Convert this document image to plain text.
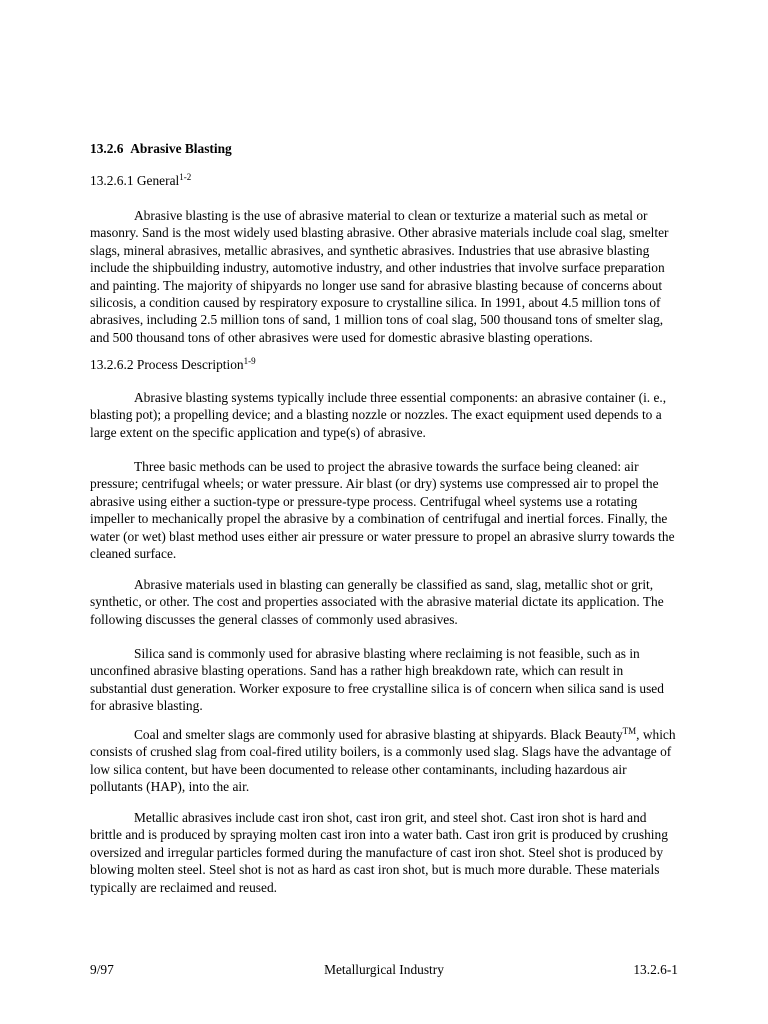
13.2.6 Abrasive Blasting

13.2.6.1 General$^{1-2}$

Abrasive blasting is the use of abrasive material to clean or texturize a material such as metal or masonry. Sand is the most widely used blasting abrasive. Other abrasive materials include coal slag, smelter slags, mineral abrasives, metallic abrasives, and synthetic abrasives. Industries that use abrasive blasting include the shipbuilding industry, automotive industry, and other industries that involve surface preparation and painting. The majority of shipyards no longer use sand for abrasive blasting because of concerns about silicosis, a condition caused by respiratory exposure to crystalline silica. In 1991, about 4.5 million tons of abrasives, including 2.5 million tons of sand, 1 million tons of coal slag, 500 thousand tons of smelter slag, and 500 thousand tons of other abrasives were used for domestic abrasive blasting operations.

13.2.6.2 Process Description$^{1-9}$

Abrasive blasting systems typically include three essential components: an abrasive container (i. e., blasting pot); a propelling device; and a blasting nozzle or nozzles. The exact equipment used depends to a large extent on the specific application and type(s) of abrasive.

Three basic methods can be used to project the abrasive towards the surface being cleaned: air pressure; centrifugal wheels; or water pressure. Air blast (or dry) systems use compressed air to propel the abrasive using either a suction-type or pressure-type process. Centrifugal wheel systems use a rotating impeller to mechanically propel the abrasive by a combination of centrifugal and inertial forces. Finally, the water (or wet) blast method uses either air pressure or water pressure to propel an abrasive slurry towards the cleaned surface.

Abrasive materials used in blasting can generally be classified as sand, slag, metallic shot or grit, synthetic, or other. The cost and properties associated with the abrasive material dictate its application. The following discusses the general classes of commonly used abrasives.

Silica sand is commonly used for abrasive blasting where reclaiming is not feasible, such as in unconfined abrasive blasting operations. Sand has a rather high breakdown rate, which can result in substantial dust generation. Worker exposure to free crystalline silica is of concern when silica sand is used for abrasive blasting.

Coal and smelter slags are commonly used for abrasive blasting at shipyards. Black Beauty™, which consists of crushed slag from coal-fired utility boilers, is a commonly used slag. Slags have the advantage of low silica content, but have been documented to release other contaminants, including hazardous air pollutants (HAP), into the air.

Metallic abrasives include cast iron shot, cast iron grit, and steel shot. Cast iron shot is hard and brittle and is produced by spraying molten cast iron into a water bath. Cast iron grit is produced by crushing oversized and irregular particles formed during the manufacture of cast iron shot. Steel shot is produced by blowing molten steel. Steel shot is not as hard as cast iron shot, but is much more durable. These materials typically are reclaimed and reused.

9/97	Metallurgical Industry	13.2.6-1
